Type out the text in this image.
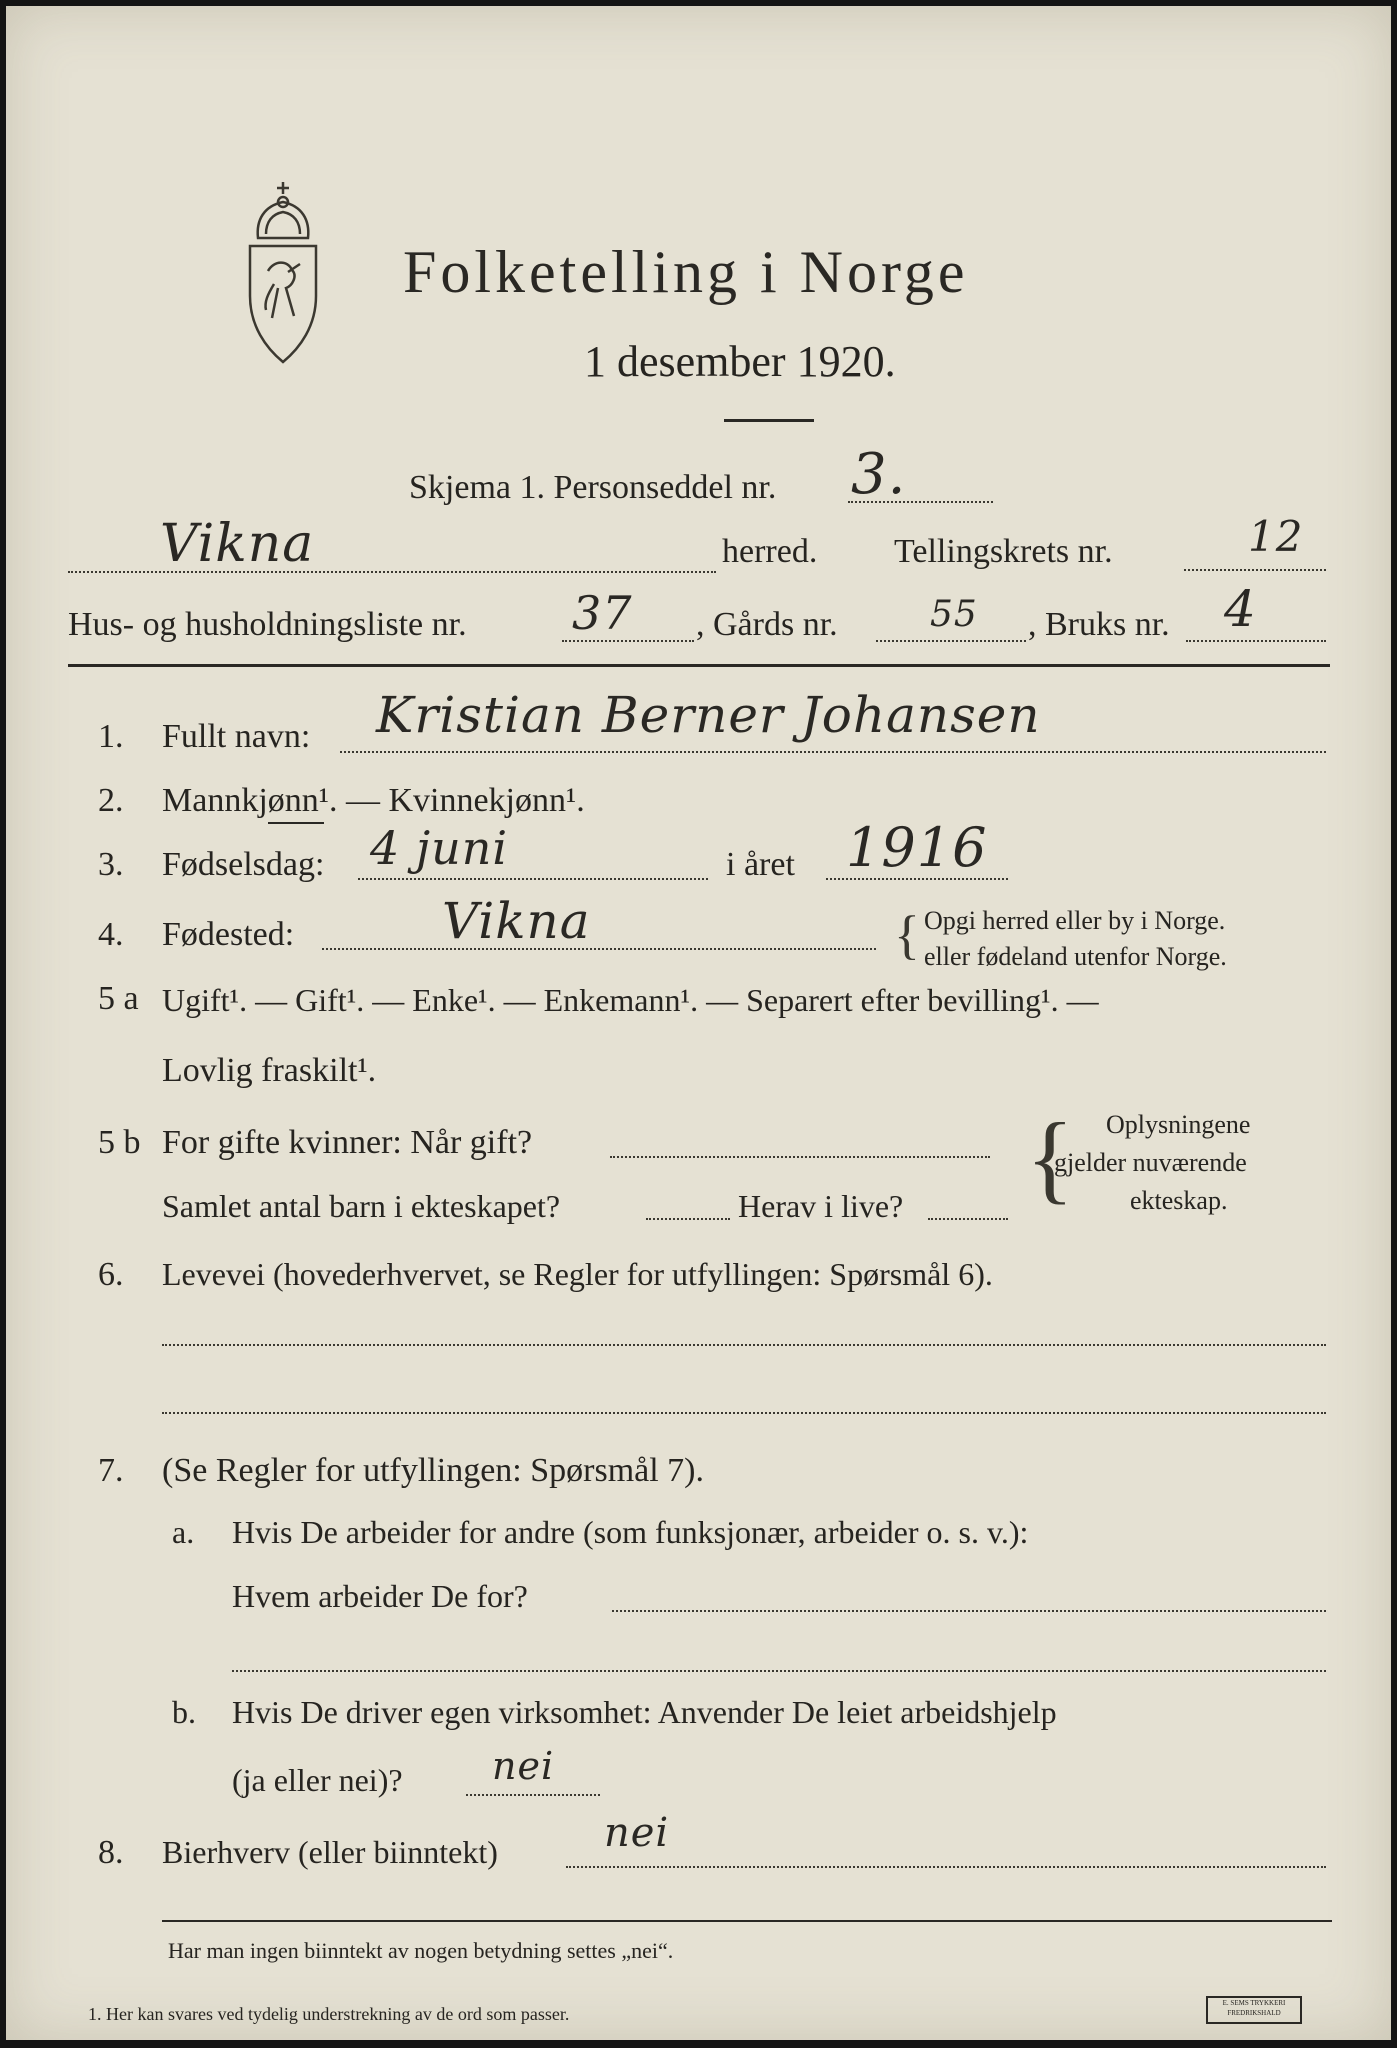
Folketelling i Norge
1 desember 1920.
Skjema 1. Personseddel nr. 3.
Vikna	herred. Tellingskrets nr.	12
Hus- og husholdningsliste nr. 37 , Gårds nr.	55 , Bruks nr. 4
1. Fullt navn: Kristian Berner Johansen
2. Mannkjønn¹. — Kvinnekjønn¹.
3. Fødselsdag: 4 juni	i året 1916
4. Fødested:	Vikna	{ Opgi herred eller by i Norge.
eller fødeland utenfor Norge.
5 a Ugift¹. — Gift¹. — Enke¹. — Enkemann¹. — Separert efter bevilling¹. —
Lovlig fraskilt¹.
5 b For gifte kvinner: Når gift?
Samlet antal barn i ekteskapet?	Herav i live? { Oplysningene
gjelder nuværende
ekteskap.
6. Levevei (hovederhvervet, se Regler for utfyllingen: Spørsmål 6).
7. (Se Regler for utfyllingen: Spørsmål 7).
a. Hvis De arbeider for andre (som funksjonær, arbeider o. s. v.):
Hvem arbeider De for?
b. Hvis De driver egen virksomhet: Anvender De leiet arbeidshjelp
(ja eller nei)? nei
8. Bierhverv (eller biinntekt)	nei
Har man ingen biinntekt av nogen betydning settes „nei“.
1. Her kan svares ved tydelig understrekning av de ord som passer.
E. SEMS TRYKKERI
FREDRIKSHALD
